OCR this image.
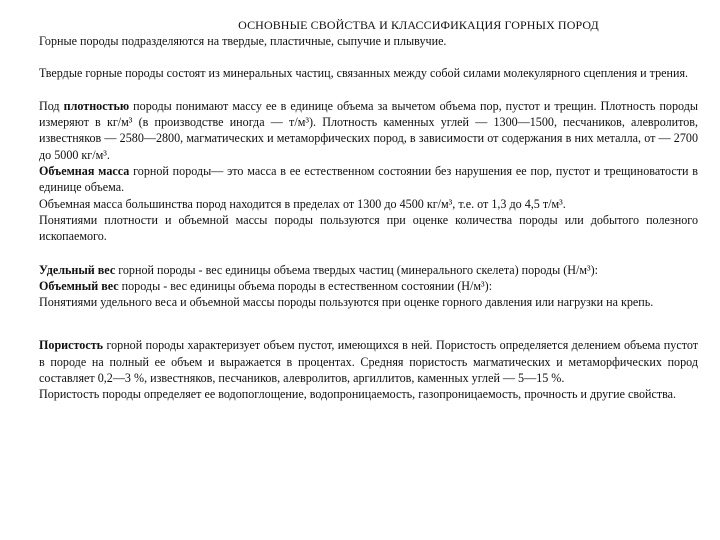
ОСНОВНЫЕ СВОЙСТВА И КЛАССИФИКАЦИЯ ГОРНЫХ ПОРОД

Горные породы подразделяются на твердые, пластичные, сыпучие и плывучие.

Твердые горные породы состоят из минеральных частиц, связанных между собой силами молекулярного сцепления и трения.

Под плотностью породы понимают массу ее в единице объема за вычетом объема пор, пустот и трещин. Плотность породы измеряют в кг/м³ (в производстве иногда — т/м³). Плотность каменных углей — 1300—1500, песчаников, алевролитов, известняков — 2580—2800, магматических и метаморфических пород, в зависимости от содержания в них металла, от — 2700 до 5000 кг/м³.

Объемная масса горной породы— это масса в ее естественном состоянии без нарушения ее пор, пустот и трещиноватости в единице объема.

Объемная масса большинства пород находится в пределах от 1300 до 4500 кг/м³, т.е. от 1,3 до 4,5 т/м³.

Понятиями плотности и объемной массы породы пользуются при оценке количества породы или добытого полезного ископаемого.

Удельный вес горной породы - вес единицы объема твердых частиц (минерального скелета) породы (Н/м³):

Объемный вес породы - вес единицы объема породы в естественном состоянии (Н/м³):

Понятиями удельного веса и объемной массы породы пользуются при оценке горного давления или нагрузки на крепь.

Пористость горной породы характеризует объем пустот, имеющихся в ней. Пористость определяется делением объема пустот в породе на полный ее объем и выражается в процентах. Средняя пористость магматических и метаморфических пород составляет 0,2—3 %, известняков, песчаников, алевролитов, аргиллитов, каменных углей — 5—15 %.

Пористость породы определяет ее водопоглощение, водопроницаемость, газопроницаемость, прочность и другие свойства.
